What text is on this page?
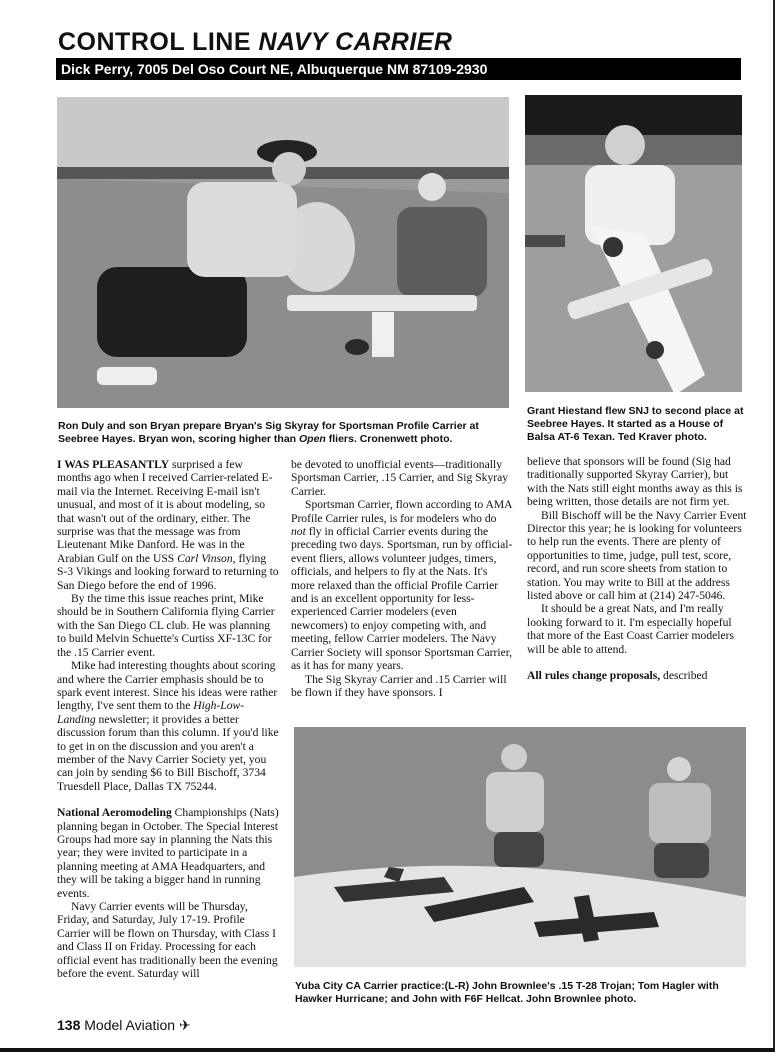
CONTROL LINE NAVY CARRIER
Dick Perry, 7005 Del Oso Court NE, Albuquerque NM 87109-2930
Ron Duly and son Bryan prepare Bryan's Sig Skyray for Sportsman Profile Carrier at Seebree Hayes. Bryan won, scoring higher than Open fliers. Cronenwett photo.
Grant Hiestand flew SNJ to second place at Seebree Hayes. It started as a House of Balsa AT-6 Texan. Ted Kraver photo.

I WAS PLEASANTLY surprised a few months ago when I received Carrier-related E-mail via the Internet. Receiving E-mail isn't unusual, and most of it is about modeling, so that wasn't out of the ordinary, either. The surprise was that the message was from Lieutenant Mike Danford. He was in the Arabian Gulf on the USS Carl Vinson, flying S-3 Vikings and looking forward to returning to San Diego before the end of 1996.

By the time this issue reaches print, Mike should be in Southern California flying Carrier with the San Diego CL club. He was planning to build Melvin Schuette's Curtiss XF-13C for the .15 Carrier event.

Mike had interesting thoughts about scoring and where the Carrier emphasis should be to spark event interest. Since his ideas were rather lengthy, I've sent them to the High-Low-Landing newsletter; it provides a better discussion forum than this column. If you'd like to get in on the discussion and you aren't a member of the Navy Carrier Society yet, you can join by sending $6 to Bill Bischoff, 3734 Truesdell Place, Dallas TX 75244.

National Aeromodeling Championships (Nats) planning began in October. The Special Interest Groups had more say in planning the Nats this year; they were invited to participate in a planning meeting at AMA Headquarters, and they will be taking a bigger hand in running events.

Navy Carrier events will be Thursday, Friday, and Saturday, July 17-19. Profile Carrier will be flown on Thursday, with Class I and Class II on Friday. Processing for each official event has traditionally been the evening before the event. Saturday will

be devoted to unofficial events—traditionally Sportsman Carrier, .15 Carrier, and Sig Skyray Carrier.

Sportsman Carrier, flown according to AMA Profile Carrier rules, is for modelers who do not fly in official Carrier events during the preceding two days. Sportsman, run by official-event fliers, allows volunteer judges, timers, officials, and helpers to fly at the Nats. It's more relaxed than the official Profile Carrier and is an excellent opportunity for less-experienced Carrier modelers (even newcomers) to enjoy competing with, and meeting, fellow Carrier modelers. The Navy Carrier Society will sponsor Sportsman Carrier, as it has for many years.

The Sig Skyray Carrier and .15 Carrier will be flown if they have sponsors. I

believe that sponsors will be found (Sig had traditionally supported Skyray Carrier), but with the Nats still eight months away as this is being written, those details are not firm yet.

Bill Bischoff will be the Navy Carrier Event Director this year; he is looking for volunteers to help run the events. There are plenty of opportunities to time, judge, pull test, score, record, and run score sheets from station to station. You may write to Bill at the address listed above or call him at (214) 247-5046.

It should be a great Nats, and I'm really looking forward to it. I'm especially hopeful that more of the East Coast Carrier modelers will be able to attend.

All rules change proposals, described

Yuba City CA Carrier practice:(L-R) John Brownlee's .15 T-28 Trojan; Tom Hagler with Hawker Hurricane; and John with F6F Hellcat. John Brownlee photo.
138 Model Aviation ✈
